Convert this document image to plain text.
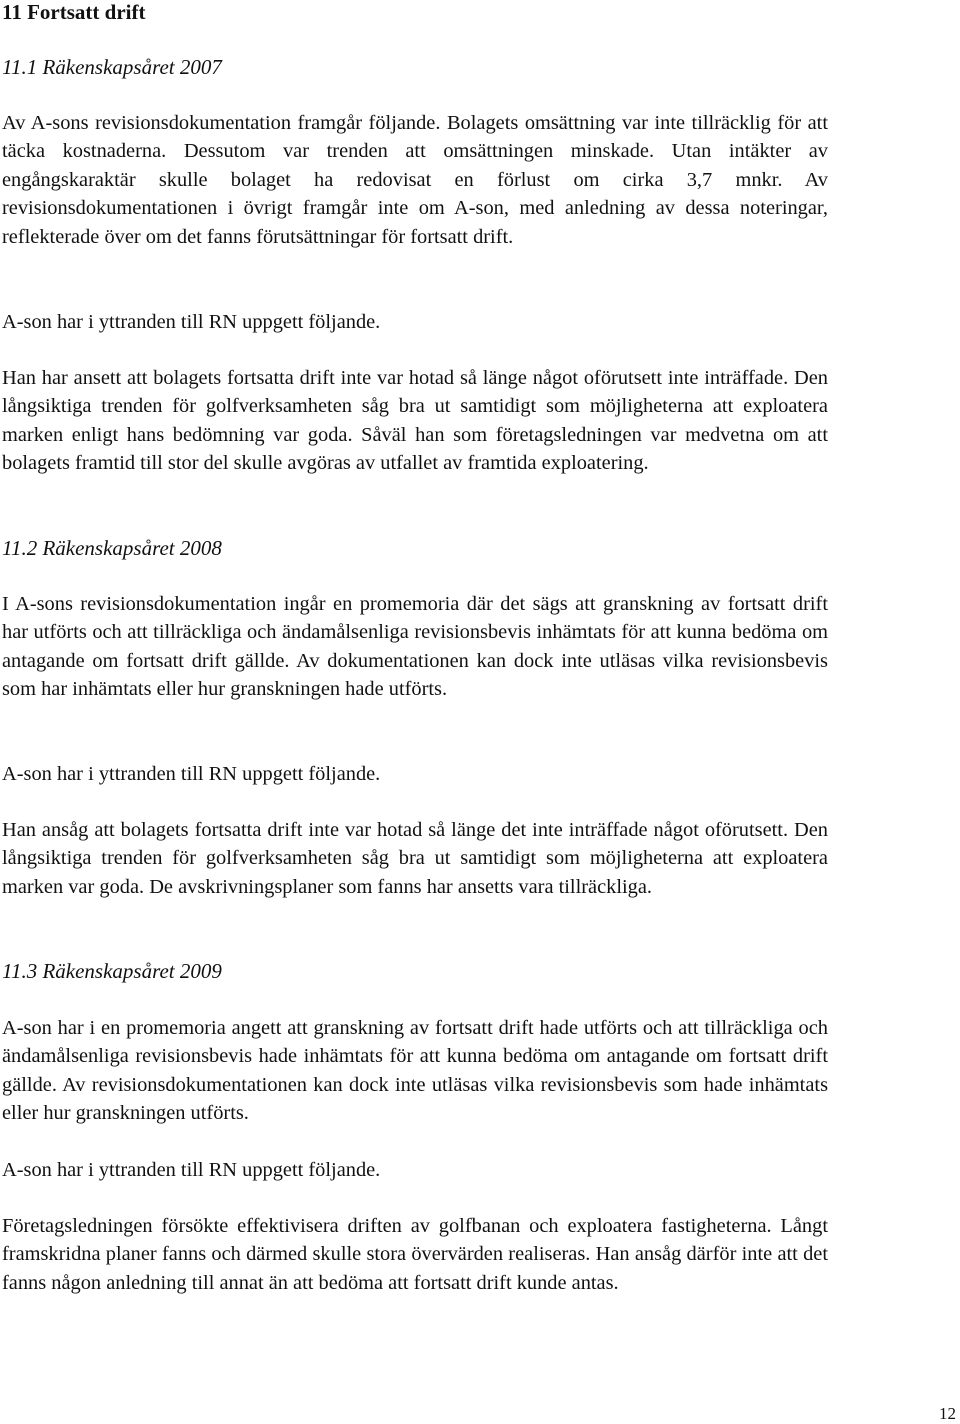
11 Fortsatt drift
11.1 Räkenskapsåret 2007

Av A-sons revisionsdokumentation framgår följande. Bolagets omsättning var inte tillräcklig för att täcka kostnaderna. Dessutom var trenden att omsättningen minskade. Utan intäkter av engångskaraktär skulle bolaget ha redovisat en förlust om cirka 3,7 mnkr. Av revisionsdokumentationen i övrigt framgår inte om A-son, med anledning av dessa noteringar, reflekterade över om det fanns förutsättningar för fortsatt drift.

A-son har i yttranden till RN uppgett följande.

Han har ansett att bolagets fortsatta drift inte var hotad så länge något oförutsett inte inträffade. Den långsiktiga trenden för golfverksamheten såg bra ut samtidigt som möjligheterna att exploatera marken enligt hans bedömning var goda. Såväl han som företagsledningen var medvetna om att bolagets framtid till stor del skulle avgöras av utfallet av framtida exploatering.

11.2 Räkenskapsåret 2008

I A-sons revisionsdokumentation ingår en promemoria där det sägs att granskning av fortsatt drift har utförts och att tillräckliga och ändamålsenliga revisionsbevis inhämtats för att kunna bedöma om antagande om fortsatt drift gällde. Av dokumentationen kan dock inte utläsas vilka revisionsbevis som har inhämtats eller hur granskningen hade utförts.

A-son har i yttranden till RN uppgett följande.

Han ansåg att bolagets fortsatta drift inte var hotad så länge det inte inträffade något oförutsett. Den långsiktiga trenden för golfverksamheten såg bra ut samtidigt som möjligheterna att exploatera marken var goda. De avskrivningsplaner som fanns har ansetts vara tillräckliga.

11.3 Räkenskapsåret 2009

A-son har i en promemoria angett att granskning av fortsatt drift hade utförts och att tillräckliga och ändamålsenliga revisionsbevis hade inhämtats för att kunna bedöma om antagande om fortsatt drift gällde. Av revisionsdokumentationen kan dock inte utläsas vilka revisionsbevis som hade inhämtats eller hur granskningen utförts.

A-son har i yttranden till RN uppgett följande.

Företagsledningen försökte effektivisera driften av golfbanan och exploatera fastigheterna. Långt framskridna planer fanns och därmed skulle stora övervärden realiseras. Han ansåg därför inte att det fanns någon anledning till annat än att bedöma att fortsatt drift kunde antas.

12
